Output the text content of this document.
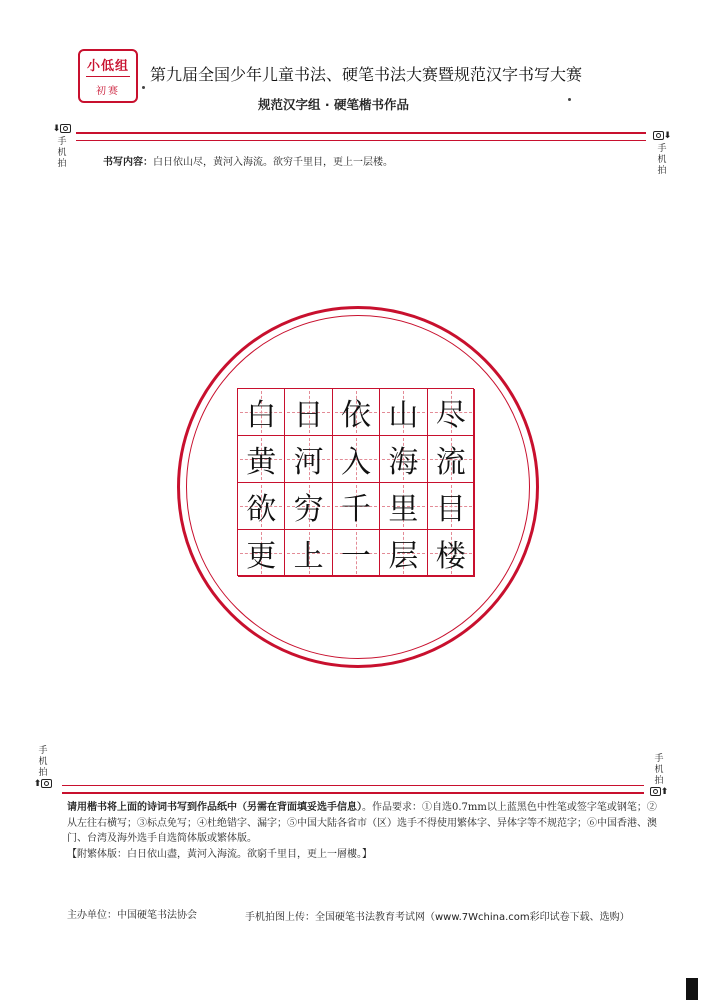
小低组
初赛
第九届全国少年儿童书法、硬笔书法大赛暨规范汉字书写大赛
规范汉字组 · 硬笔楷书作品
⬇
手机拍
⬇
手机拍
手机拍
⬆
手机拍
⬆
书写内容：白日依山尽，黄河入海流。欲穷千里目，更上一层楼。
白 日 依 山 尽
黄 河 入 海 流
欲 穷 千 里 目
更 上 一 层 楼
请用楷书将上面的诗词书写到作品纸中（另需在背面填妥选手信息）。作品要求：①自选0.7mm以上蓝黑色中性笔或签字笔或钢笔；②从左往右横写；③标点免写；④杜绝错字、漏字；⑤中国大陆各省市（区）选手不得使用繁体字、异体字等不规范字；⑥中国香港、澳门、台湾及海外选手自选简体版或繁体版。
【附繁体版：白日依山盡，黃河入海流。欲窮千里目，更上一層樓。】
主办单位：中国硬笔书法协会	手机拍图上传：全国硬笔书法教育考试网（www.7Wchina.com彩印试卷下载、选购）
